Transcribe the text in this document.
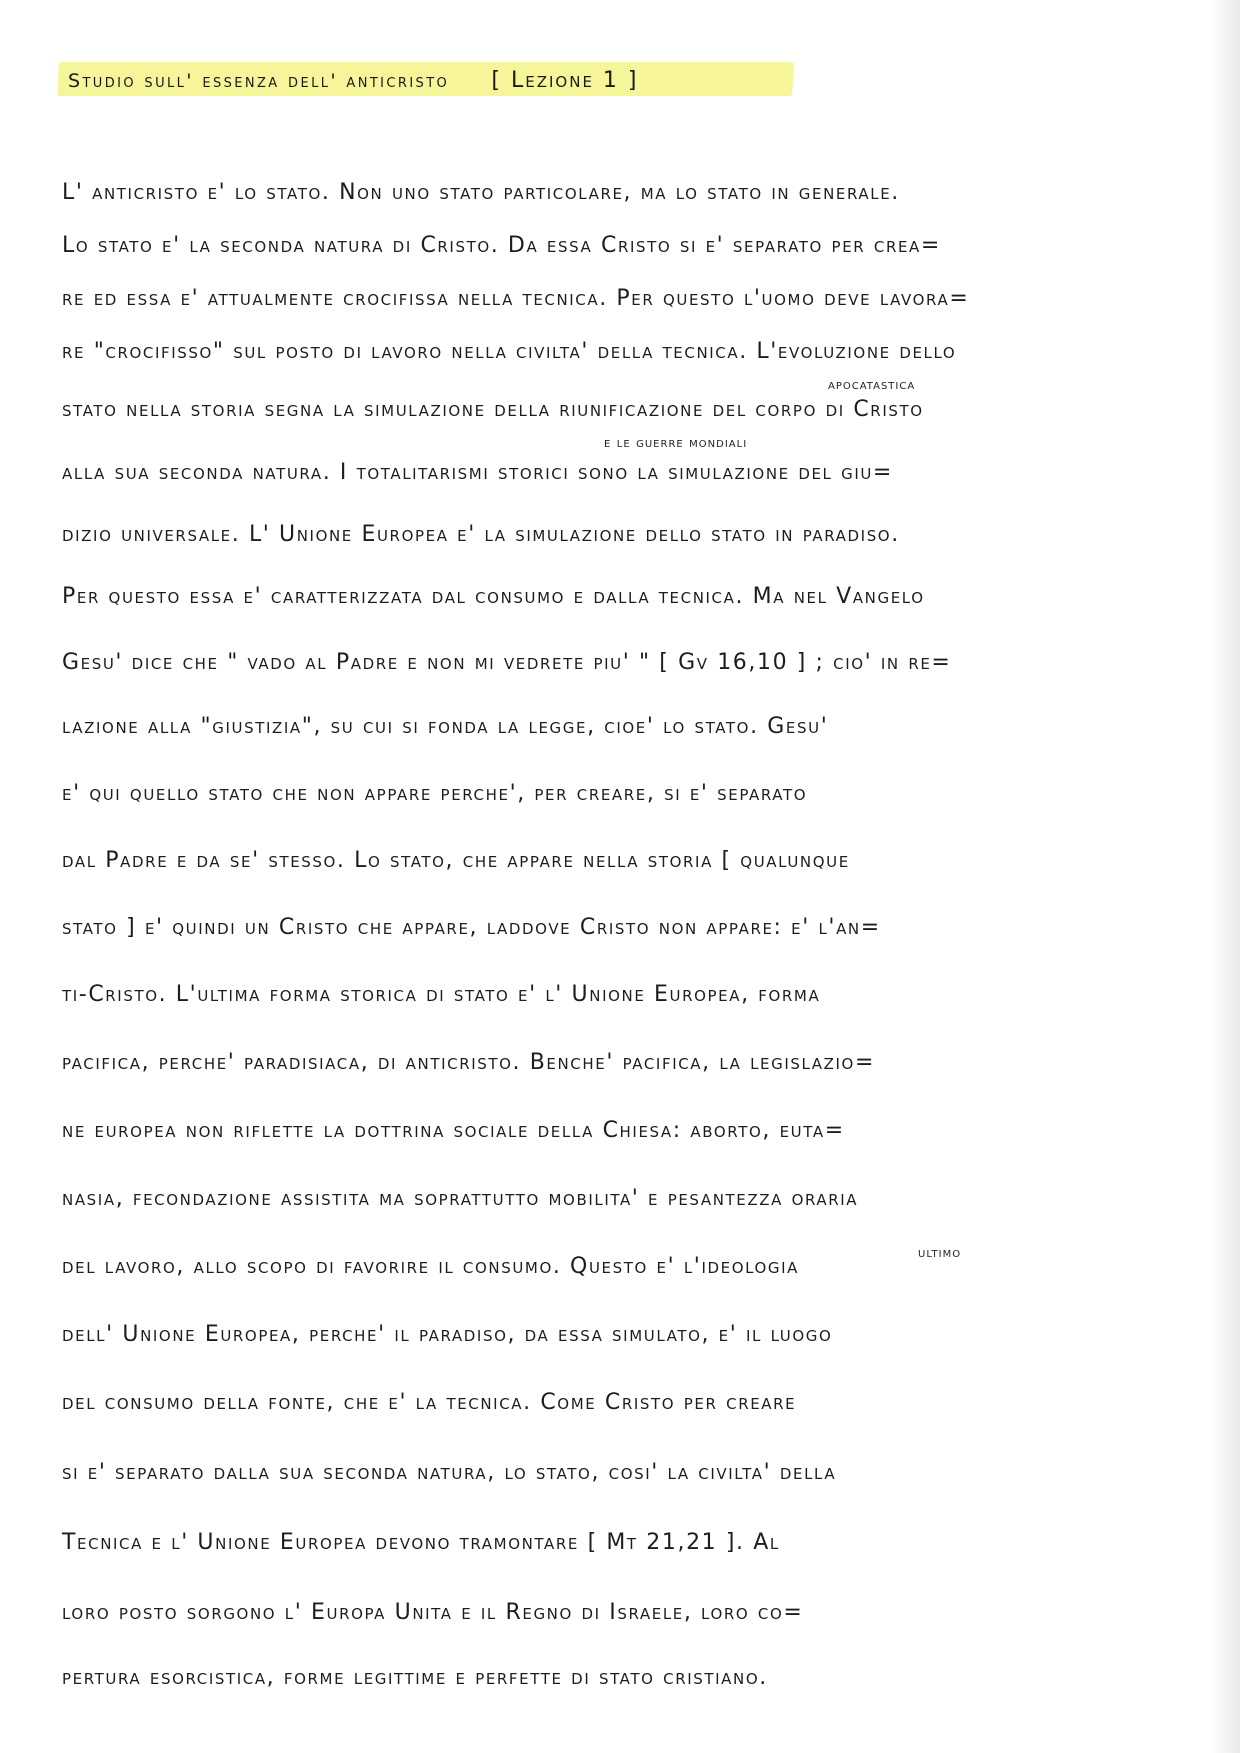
Studio sull' essenza dell' anticristo [ Lezione 1 ]
apocatastica
e le guerre mondiali
ultimo
L' anticristo e' lo stato. Non uno stato particolare, ma lo stato in generale.
Lo stato e' la seconda natura di Cristo. Da essa Cristo si e' separato per crea=
re ed essa e' attualmente crocifissa nella tecnica. Per questo l'uomo deve lavora=
re "crocifisso" sul posto di lavoro nella civilta' della tecnica. L'evoluzione dello
stato nella storia segna la simulazione della riunificazione del corpo di Cristo
alla sua seconda natura. I totalitarismi storici sono la simulazione del giu=
dizio universale. L' Unione Europea e' la simulazione dello stato in paradiso.
Per questo essa e' caratterizzata dal consumo e dalla tecnica. Ma nel Vangelo
Gesu' dice che " vado al Padre e non mi vedrete piu' " [ Gv 16,10 ] ; cio' in re=
lazione alla "giustizia", su cui si fonda la legge, cioe' lo stato. Gesu'
e' qui quello stato che non appare perche', per creare, si e' separato
dal Padre e da se' stesso. Lo stato, che appare nella storia [ qualunque
stato ] e' quindi un Cristo che appare, laddove Cristo non appare: e' l'an=
ti-Cristo. L'ultima forma storica di stato e' l' Unione Europea, forma
pacifica, perche' paradisiaca, di anticristo. Benche' pacifica, la legislazio=
ne europea non riflette la dottrina sociale della Chiesa: aborto, euta=
nasia, fecondazione assistita ma soprattutto mobilita' e pesantezza oraria
del lavoro, allo scopo di favorire il consumo. Questo e' l'ideologia
dell' Unione Europea, perche' il paradiso, da essa simulato, e' il luogo
del consumo della fonte, che e' la tecnica. Come Cristo per creare
si e' separato dalla sua seconda natura, lo stato, cosi' la civilta' della
Tecnica e l' Unione Europea devono tramontare [ Mt 21,21 ]. Al
loro posto sorgono l' Europa Unita e il Regno di Israele, loro co=
pertura esorcistica, forme legittime e perfette di stato cristiano.
